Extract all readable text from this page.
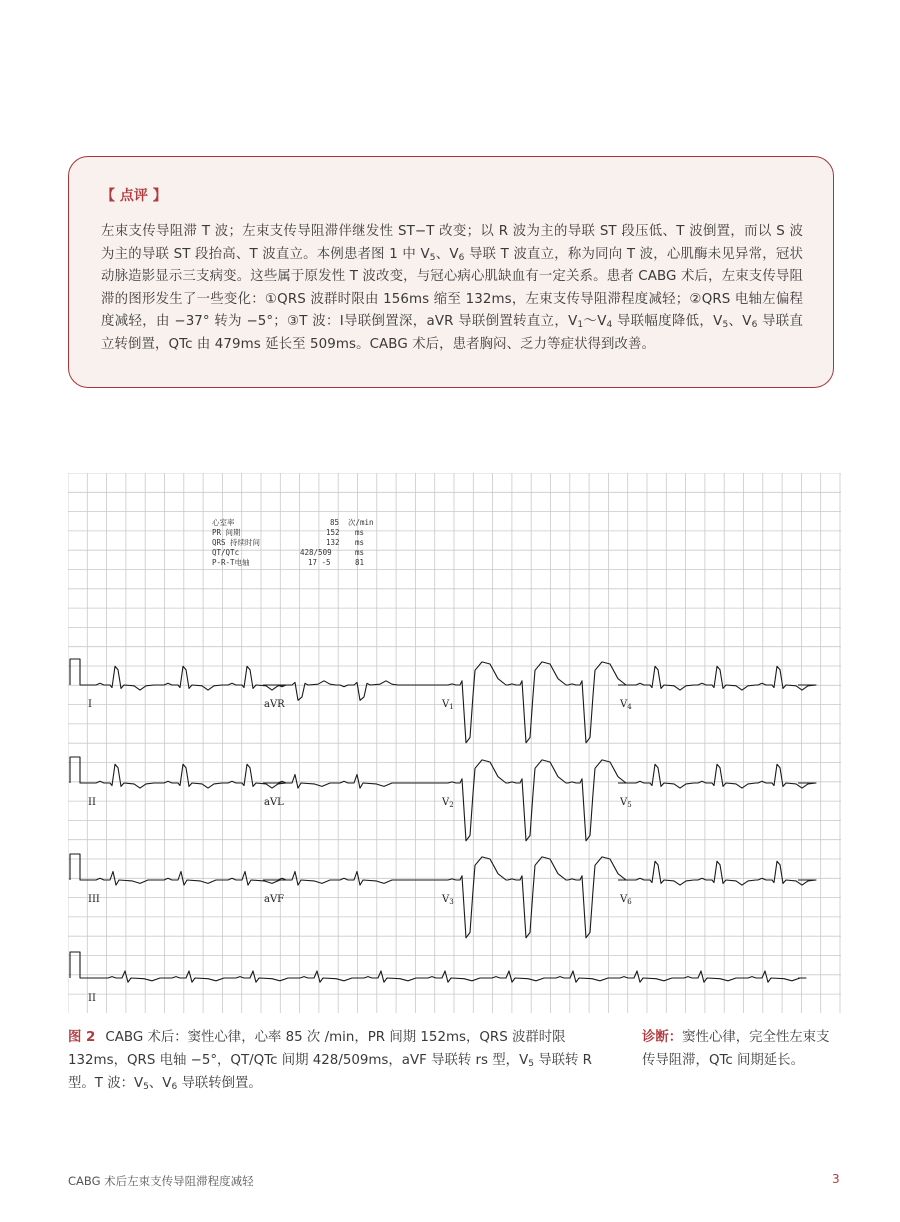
【 点评 】
左束支传导阻滞 T 波；左束支传导阻滞伴继发性 ST−T 改变；以 R 波为主的导联 ST 段压低、T 波倒置，而以 S 波为主的导联 ST 段抬高、T 波直立。本例患者图 1 中 $V_5$、$V_6$ 导联 T 波直立，称为同向 T 波，心肌酶未见异常，冠状动脉造影显示三支病变。这些属于原发性 T 波改变，与冠心病心肌缺血有一定关系。患者 CABG 术后，左束支传导阻滞的图形发生了一些变化：①QRS 波群时限由 156ms 缩至 132ms，左束支传导阻滞程度减轻；②QRS 电轴左偏程度减轻，由 −37° 转为 −5°；③T 波：Ⅰ导联倒置深，aVR 导联倒置转直立，$V_1\sim V_4$ 导联幅度降低，$V_5$、$V_6$ 导联直立转倒置，QTc 由 479ms 延长至 509ms。CABG 术后，患者胸闷、乏力等症状得到改善。
心室率	85 次/min
PR 间期	152 ms
QRS 持续时间	132 ms
QT/QTc	428/509	ms
P-R-T电轴	17 -5	81
I	aVR	$V_1$	$V_4$
II	aVL	$V_2$	$V_5$
III	aVF	$V_3$	$V_6$
II
图 2 CABG 术后：窦性心律，心率 85 次 /min，PR 间期 152ms，QRS 波群时限 132ms，QRS 电轴 −5°，QT/QTc 间期 428/509ms，aVF 导联转 rs 型，$V_5$ 导联转 R 型。T 波：$V_5$、$V_6$ 导联转倒置。
诊断：窦性心律，完全性左束支传导阻滞，QTc 间期延长。
CABG 术后左束支传导阻滞程度减轻	3
